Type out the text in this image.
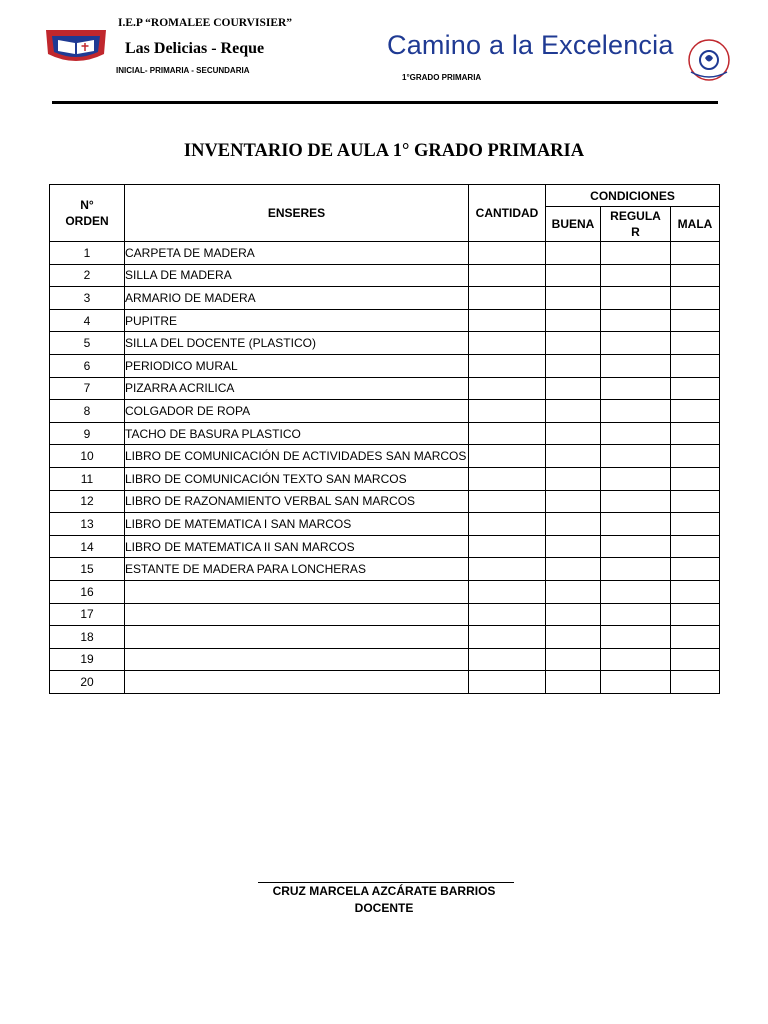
I.E.P “ROMALEE COURVISIER”
Las Delicias - Reque
INICIAL- PRIMARIA - SECUNDARIA
Camino a la Excelencia
1°GRADO PRIMARIA
INVENTARIO DE AULA 1° GRADO PRIMARIA
N° ORDEN	ENSERES	CANTIDAD	CONDICIONES		
			BUENA	REGULAR	MALA
1	CARPETA DE MADERA				
2	SILLA DE MADERA				
3	ARMARIO DE MADERA				
4	PUPITRE				
5	SILLA DEL DOCENTE (PLASTICO)				
6	PERIODICO MURAL				
7	PIZARRA ACRILICA				
8	COLGADOR DE ROPA				
9	TACHO DE BASURA PLASTICO				
10	LIBRO DE COMUNICACIÓN DE ACTIVIDADES SAN MARCOS				
11	LIBRO DE COMUNICACIÓN TEXTO SAN MARCOS				
12	LIBRO DE RAZONAMIENTO VERBAL SAN MARCOS				
13	LIBRO DE MATEMATICA I SAN MARCOS				
14	LIBRO DE MATEMATICA II SAN MARCOS				
15	ESTANTE DE MADERA PARA LONCHERAS				
16					
17					
18					
19					
20					
CRUZ MARCELA AZCÁRATE BARRIOS
DOCENTE
